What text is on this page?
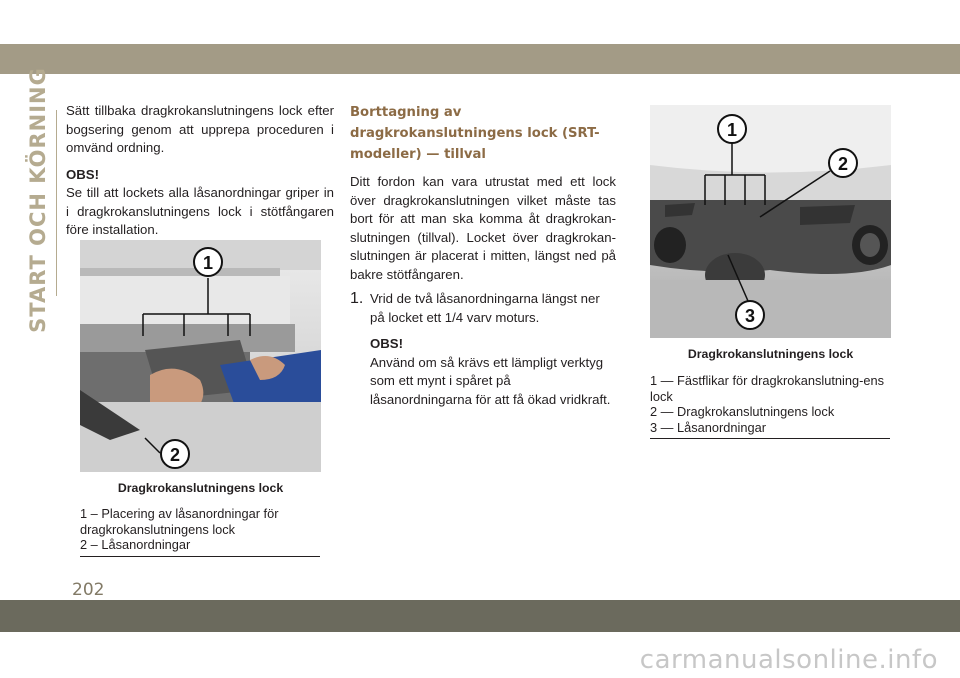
START OCH KÖRNING Sätt tillbaka dragkrokanslutningens lock efter bogsering genom att upprepa proceduren i omvänd ordning.

OBS!

Se till att lockets alla låsanordningar griper in i dragkrokanslutningens lock i stötfångaren före installation.

1
2
Dragkrokanslutningens lock
1 – Placering av låsanordningar för dragkrokanslutningens lock
2 – Låsanordningar
Borttagning av dragkrokanslutningens lock (SRT-modeller) — tillval

Ditt fordon kan vara utrustat med ett lock över dragkrokanslutningen vilket måste tas bort för att man ska komma åt dragkrokan-slutningen (tillval). Locket över dragkrokan-slutningen är placerat i mitten, längst ned på bakre stötfångaren.

1. Vrid de två låsanordningarna längst ner på locket ett 1/4 varv moturs.
OBS!

Använd om så krävs ett lämpligt verktyg som ett mynt i spåret på låsanordningarna för att få ökad vridkraft.

1
2
3
Dragkrokanslutningens lock
1 — Fästflikar för dragkrokanslutning-ens lock
2 — Dragkrokanslutningens lock
3 — Låsanordningar
202
carmanualsonline.info
